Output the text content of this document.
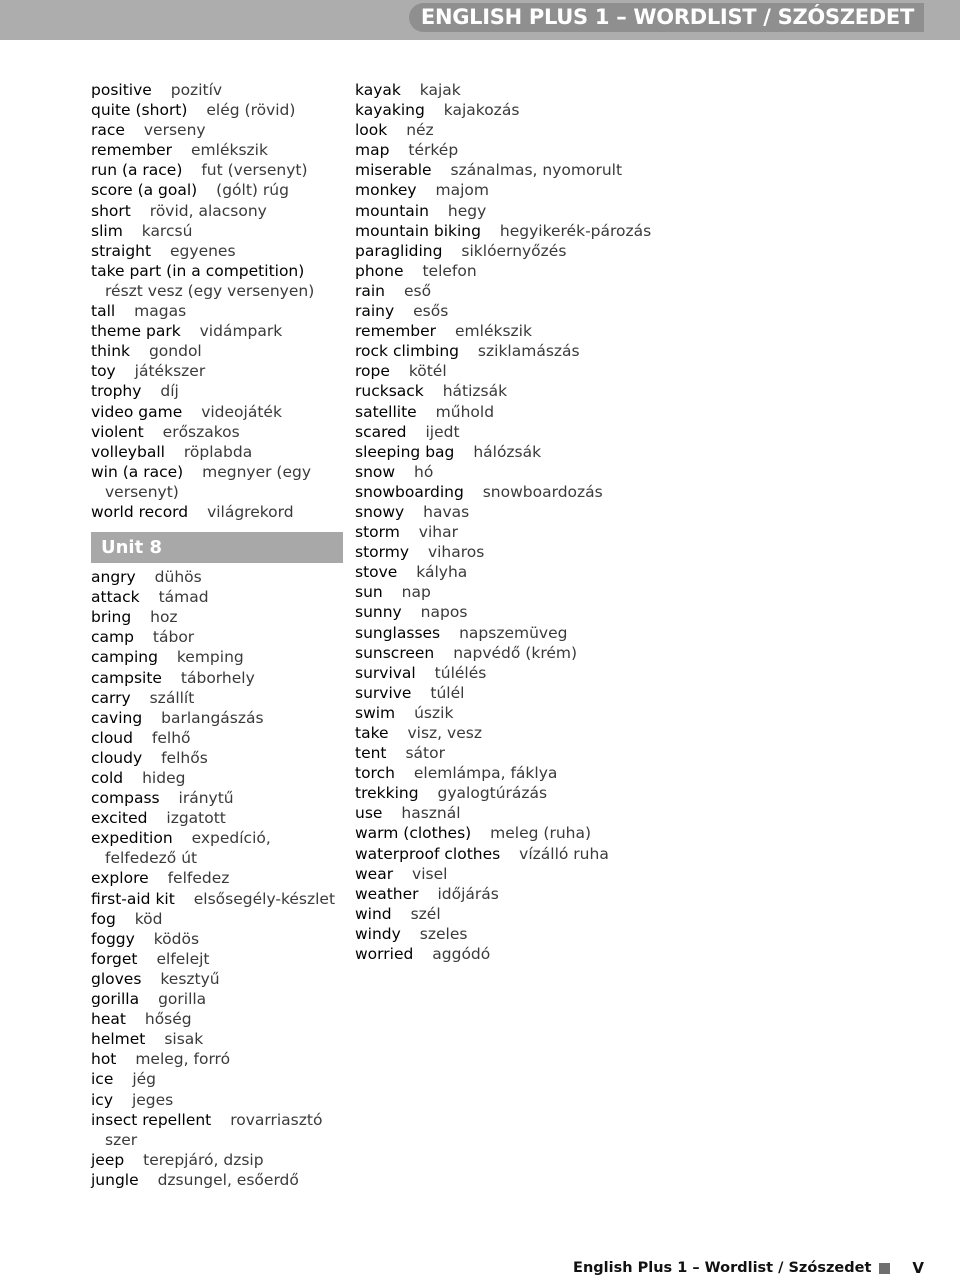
ENGLISH PLUS 1 – WORDLIST / SZÓSZEDET
positive pozitív
quite (short) elég (rövid)
race verseny
remember emlékszik
run (a race) fut (versenyt)
score (a goal) (gólt) rúg
short rövid, alacsony
slim karcsú
straight egyenes
take part (in a competition) részt vesz (egy versenyen)
tall magas
theme park vidámpark
think gondol
toy játékszer
trophy díj
video game videojáték
violent erőszakos
volleyball röplabda
win (a race) megnyer (egy versenyt)
world record világrekord
Unit 8
angry dühös
attack támad
bring hoz
camp tábor
camping kemping
campsite táborhely
carry szállít
caving barlangászás
cloud felhő
cloudy felhős
cold hideg
compass iránytű
excited izgatott
expedition expedíció, felfedező út
explore felfedez
first-aid kit elsősegély-készlet
fog köd
foggy ködös
forget elfelejt
gloves kesztyű
gorilla gorilla
heat hőség
helmet sisak
hot meleg, forró
ice jég
icy jeges
insect repellent rovarriasztó szer
jeep terepjáró, dzsip
jungle dzsungel, esőerdő
kayak kajak
kayaking kajakozás
look néz
map térkép
miserable szánalmas, nyomorult
monkey majom
mountain hegy
mountain biking hegyikerék-pározás
paragliding siklóernyőzés
phone telefon
rain eső
rainy esős
remember emlékszik
rock climbing sziklamászás
rope kötél
rucksack hátizsák
satellite műhold
scared ijedt
sleeping bag hálózsák
snow hó
snowboarding snowboardozás
snowy havas
storm vihar
stormy viharos
stove kályha
sun nap
sunny napos
sunglasses napszemüveg
sunscreen napvédő (krém)
survival túlélés
survive túlél
swim úszik
take visz, vesz
tent sátor
torch elemlámpa, fáklya
trekking gyalogtúrázás
use használ
warm (clothes) meleg (ruha)
waterproof clothes vízálló ruha
wear visel
weather időjárás
wind szél
windy szeles
worried aggódó
English Plus 1 – Wordlist / Szószedet	V
